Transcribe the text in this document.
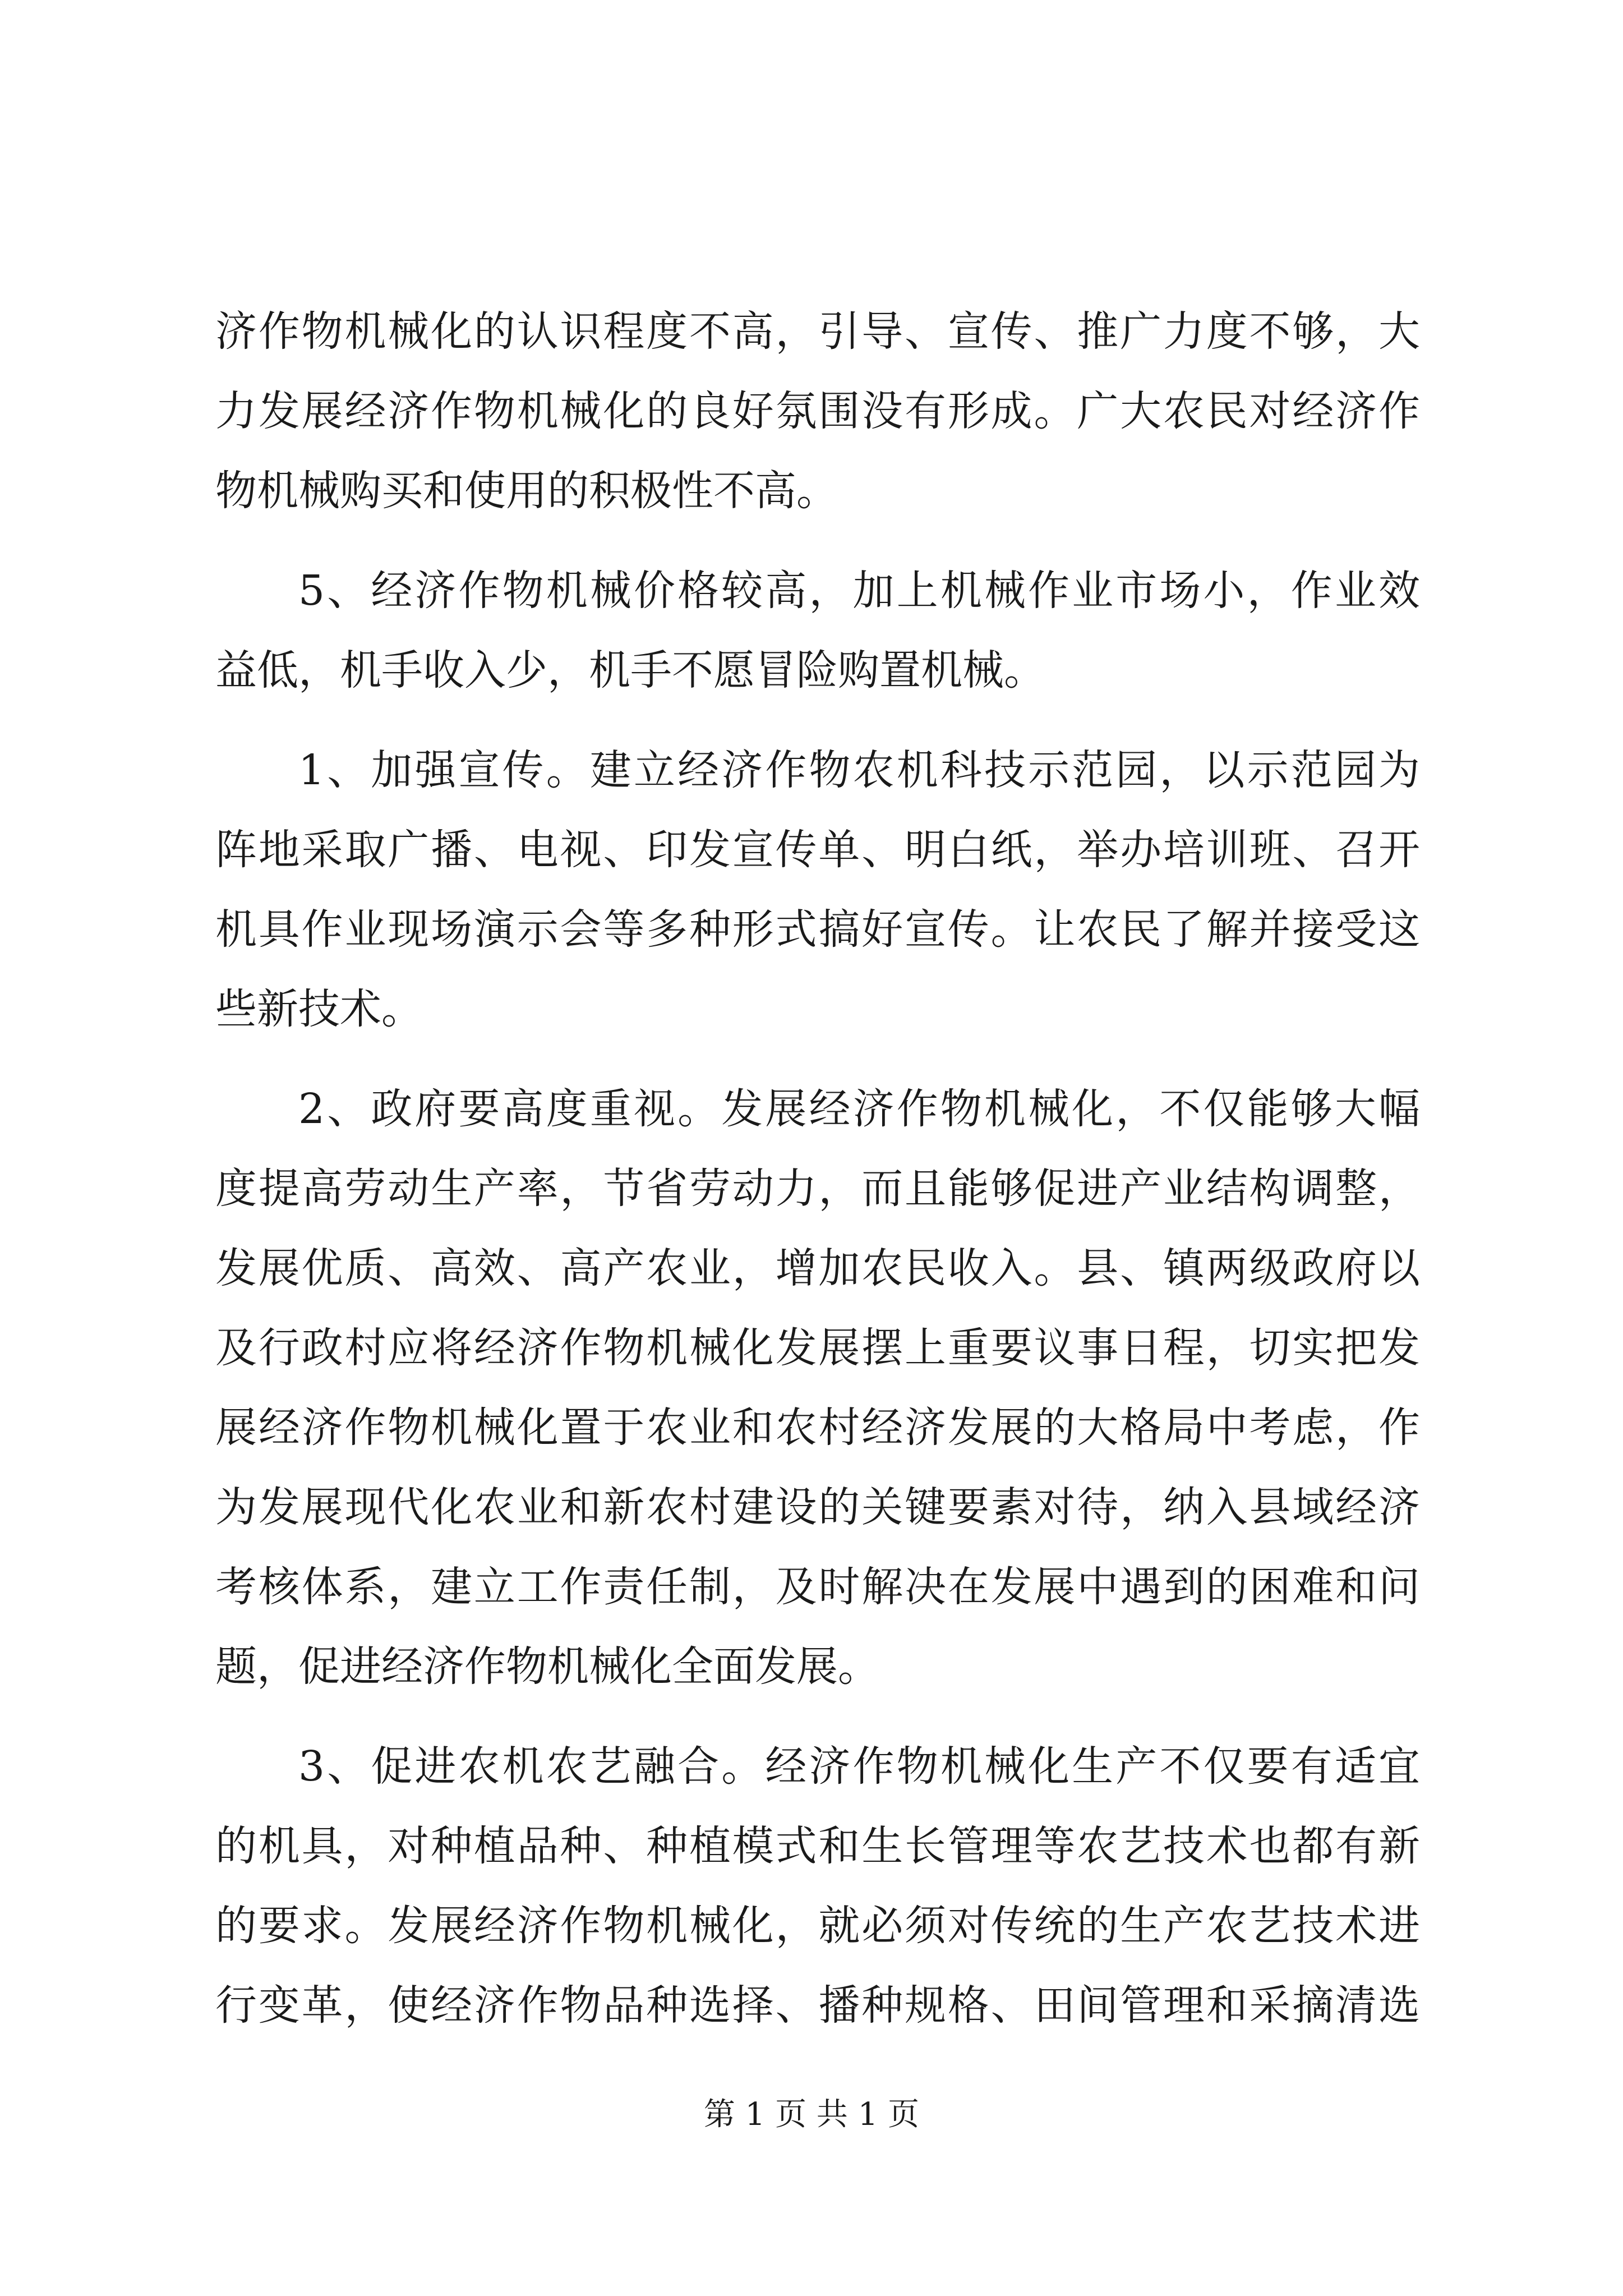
济作物机械化的认识程度不高，引导、宣传、推广力度不够，大
力发展经济作物机械化的良好氛围没有形成。广大农民对经济作
物机械购买和使用的积极性不高。
5、经济作物机械价格较高，加上机械作业市场小，作业效
益低，机手收入少，机手不愿冒险购置机械。
1、加强宣传。建立经济作物农机科技示范园，以示范园为
阵地采取广播、电视、印发宣传单、明白纸，举办培训班、召开
机具作业现场演示会等多种形式搞好宣传。让农民了解并接受这
些新技术。
2、政府要高度重视。发展经济作物机械化，不仅能够大幅
度提高劳动生产率，节省劳动力，而且能够促进产业结构调整，
发展优质、高效、高产农业，增加农民收入。县、镇两级政府以
及行政村应将经济作物机械化发展摆上重要议事日程，切实把发
展经济作物机械化置于农业和农村经济发展的大格局中考虑，作
为发展现代化农业和新农村建设的关键要素对待，纳入县域经济
考核体系，建立工作责任制，及时解决在发展中遇到的困难和问
题，促进经济作物机械化全面发展。
3、促进农机农艺融合。经济作物机械化生产不仅要有适宜
的机具，对种植品种、种植模式和生长管理等农艺技术也都有新
的要求。发展经济作物机械化，就必须对传统的生产农艺技术进
行变革，使经济作物品种选择、播种规格、田间管理和采摘清选
第 1 页 共 1 页
